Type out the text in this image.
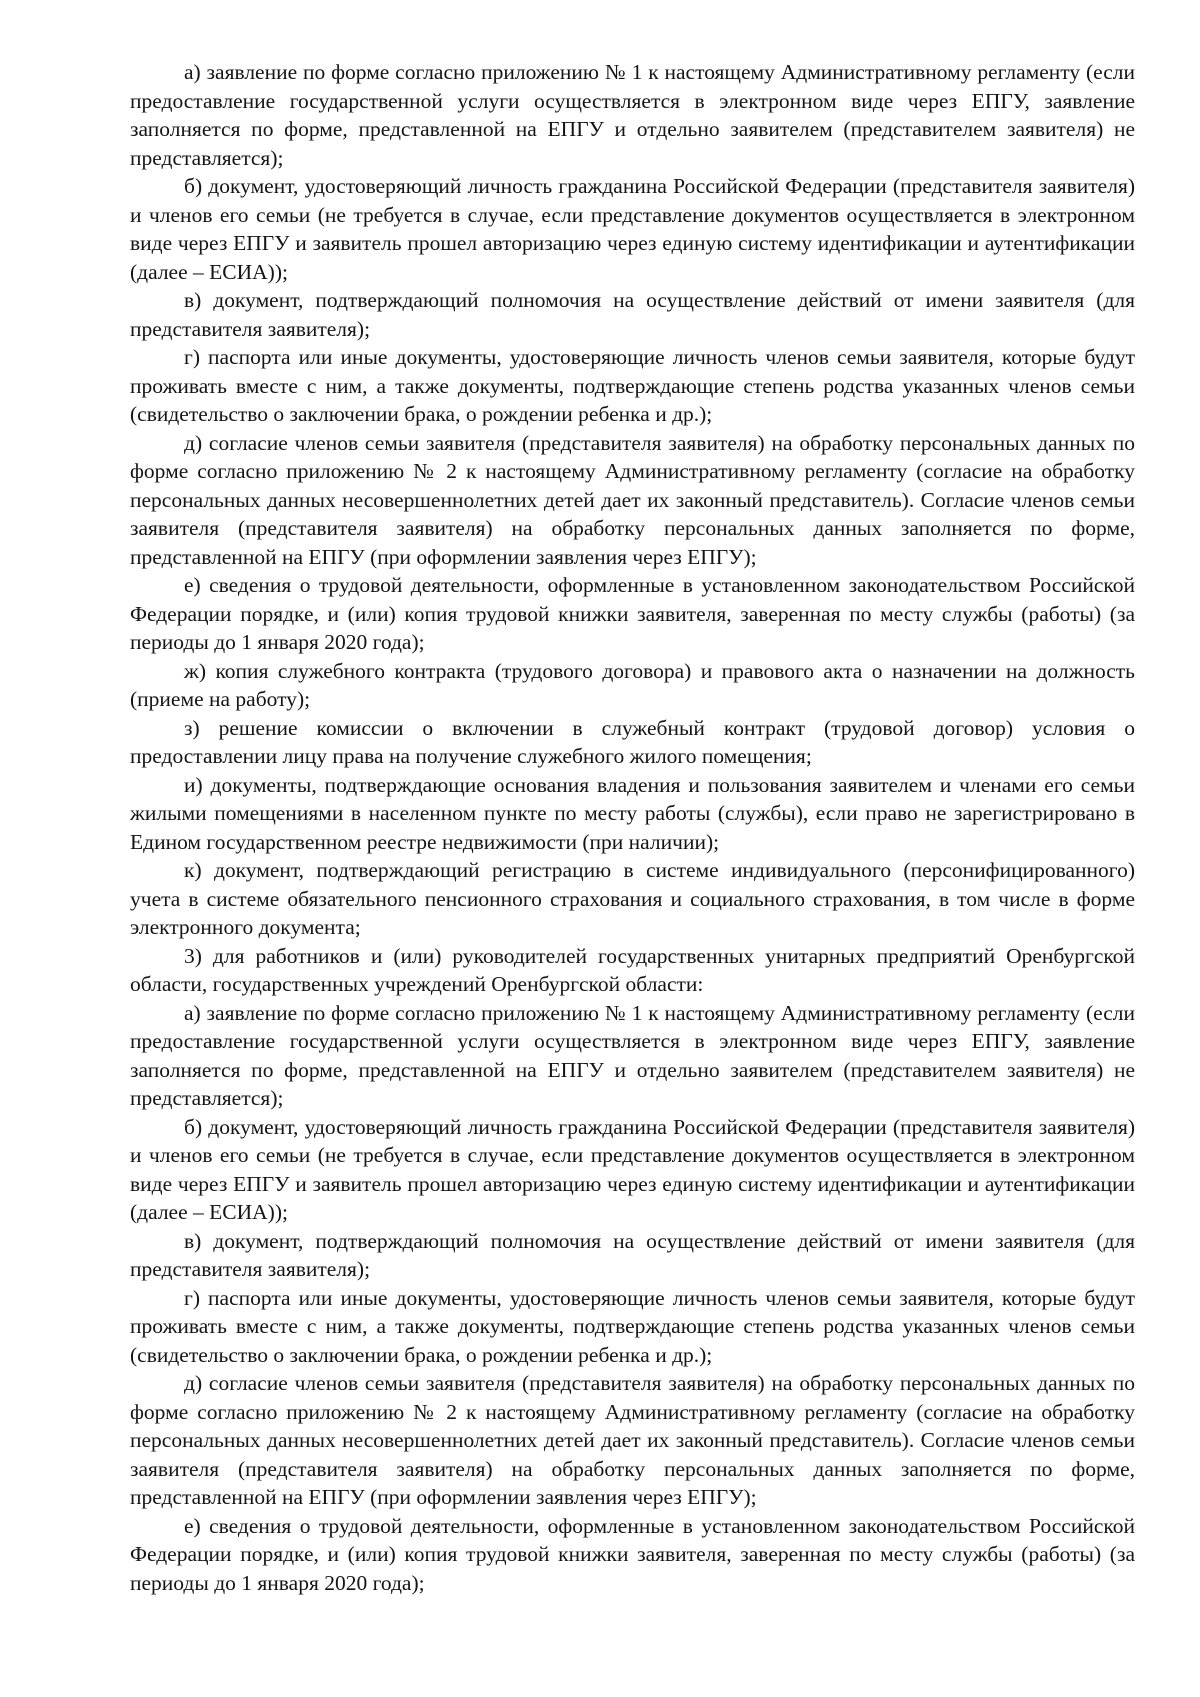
а) заявление по форме согласно приложению № 1 к настоящему Административному регламенту (если предоставление государственной услуги осуществляется в электронном виде через ЕПГУ, заявление заполняется по форме, представленной на ЕПГУ и отдельно заявителем (представителем заявителя) не представляется);

б) документ, удостоверяющий личность гражданина Российской Федерации (представителя заявителя) и членов его семьи (не требуется в случае, если представление документов осуществляется в электронном виде через ЕПГУ и заявитель прошел авторизацию через единую систему идентификации и аутентификации (далее – ЕСИА));

в) документ, подтверждающий полномочия на осуществление действий от имени заявителя (для представителя заявителя);

г) паспорта или иные документы, удостоверяющие личность членов семьи заявителя, которые будут проживать вместе с ним, а также документы, подтверждающие степень родства указанных членов семьи (свидетельство о заключении брака, о рождении ребенка и др.);

д) согласие членов семьи заявителя (представителя заявителя) на обработку персональных данных по форме согласно приложению № 2 к настоящему Административному регламенту (согласие на обработку персональных данных несовершеннолетних детей дает их законный представитель). Согласие членов семьи заявителя (представителя заявителя) на обработку персональных данных заполняется по форме, представленной на ЕПГУ (при оформлении заявления через ЕПГУ);

е) сведения о трудовой деятельности, оформленные в установленном законодательством Российской Федерации порядке, и (или) копия трудовой книжки заявителя, заверенная по месту службы (работы) (за периоды до 1 января 2020 года);

ж) копия служебного контракта (трудового договора) и правового акта о назначении на должность (приеме на работу);

з) решение комиссии о включении в служебный контракт (трудовой договор) условия о предоставлении лицу права на получение служебного жилого помещения;

и) документы, подтверждающие основания владения и пользования заявителем и членами его семьи жилыми помещениями в населенном пункте по месту работы (службы), если право не зарегистрировано в Едином государственном реестре недвижимости (при наличии);

к) документ, подтверждающий регистрацию в системе индивидуального (персонифицированного) учета в системе обязательного пенсионного страхования и социального страхования, в том числе в форме электронного документа;

3) для работников и (или) руководителей государственных унитарных предприятий Оренбургской области, государственных учреждений Оренбургской области:

а) заявление по форме согласно приложению № 1 к настоящему Административному регламенту (если предоставление государственной услуги осуществляется в электронном виде через ЕПГУ, заявление заполняется по форме, представленной на ЕПГУ и отдельно заявителем (представителем заявителя) не представляется);

б) документ, удостоверяющий личность гражданина Российской Федерации (представителя заявителя) и членов его семьи (не требуется в случае, если представление документов осуществляется в электронном виде через ЕПГУ и заявитель прошел авторизацию через единую систему идентификации и аутентификации (далее – ЕСИА));

в) документ, подтверждающий полномочия на осуществление действий от имени заявителя (для представителя заявителя);

г) паспорта или иные документы, удостоверяющие личность членов семьи заявителя, которые будут проживать вместе с ним, а также документы, подтверждающие степень родства указанных членов семьи (свидетельство о заключении брака, о рождении ребенка и др.);

д) согласие членов семьи заявителя (представителя заявителя) на обработку персональных данных по форме согласно приложению № 2 к настоящему Административному регламенту (согласие на обработку персональных данных несовершеннолетних детей дает их законный представитель). Согласие членов семьи заявителя (представителя заявителя) на обработку персональных данных заполняется по форме, представленной на ЕПГУ (при оформлении заявления через ЕПГУ);

е) сведения о трудовой деятельности, оформленные в установленном законодательством Российской Федерации порядке, и (или) копия трудовой книжки заявителя, заверенная по месту службы (работы) (за периоды до 1 января 2020 года);
